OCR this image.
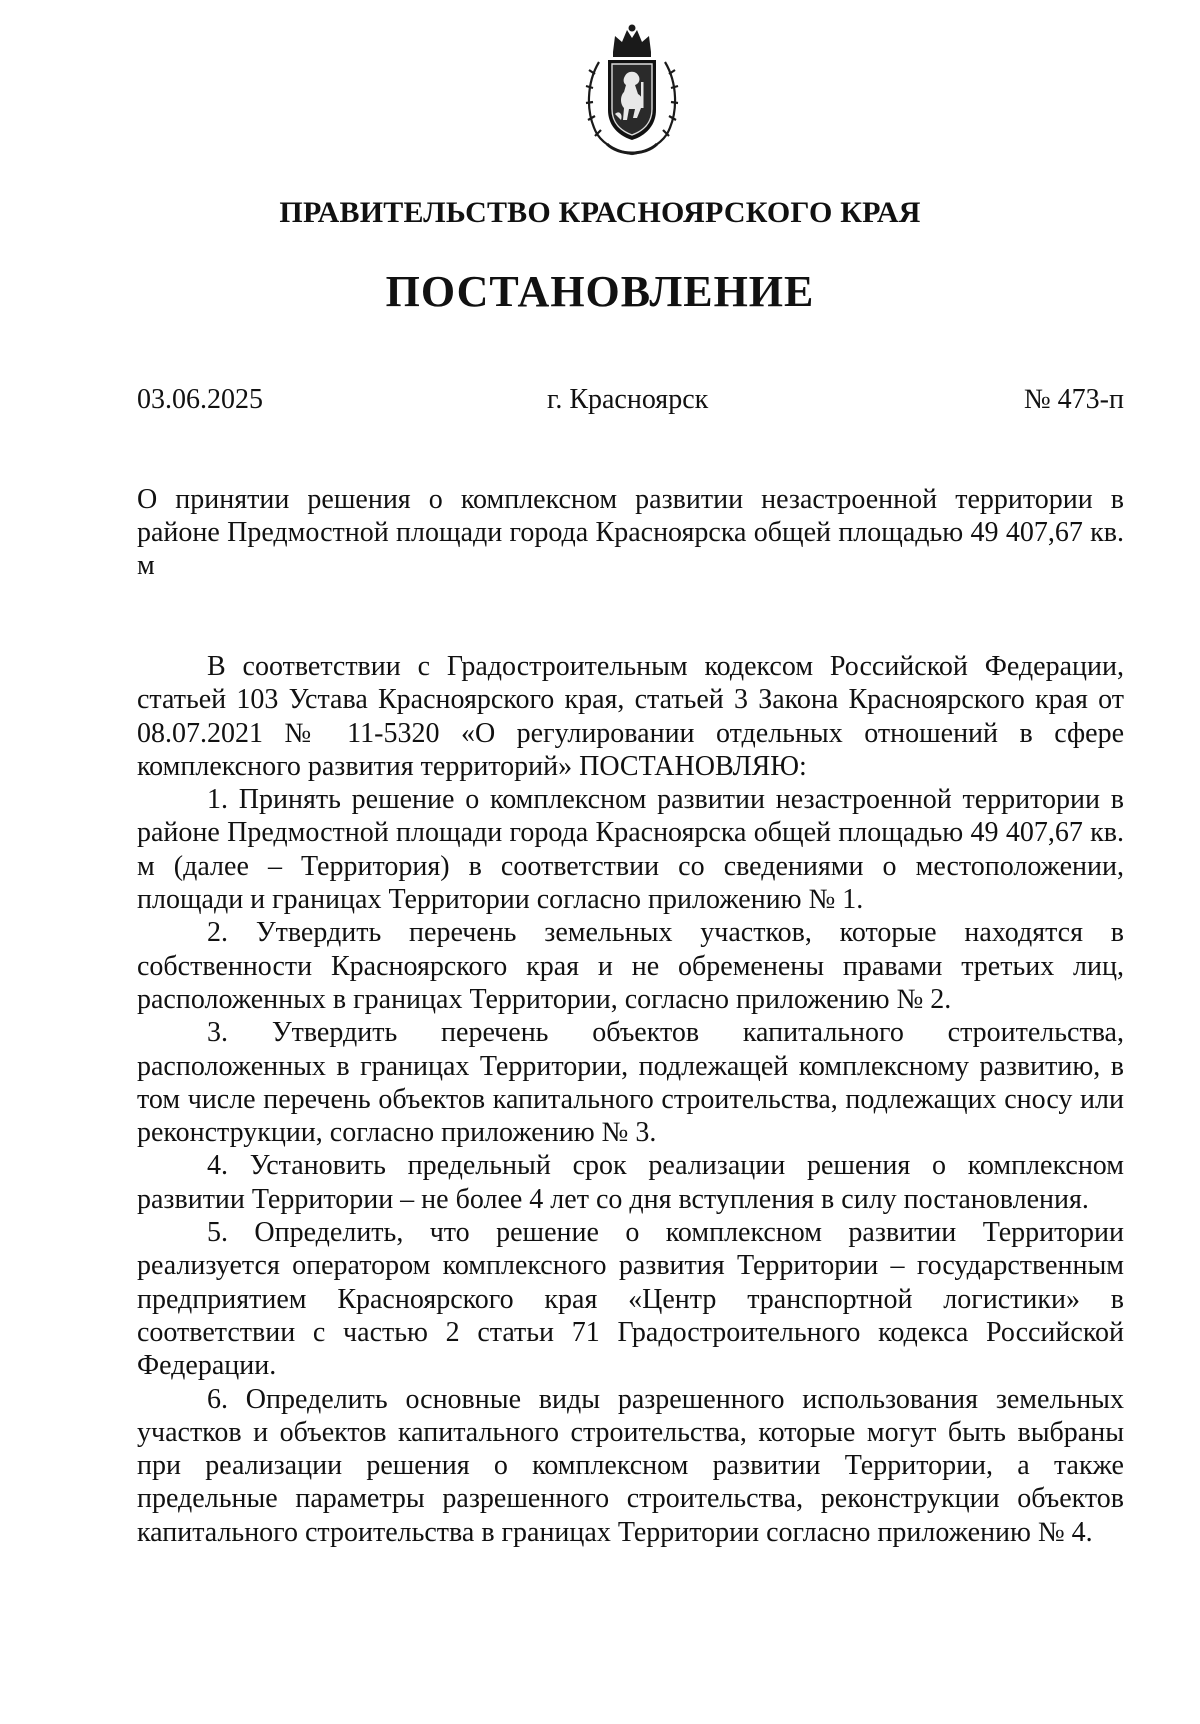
ПРАВИТЕЛЬСТВО КРАСНОЯРСКОГО КРАЯ
ПОСТАНОВЛЕНИЕ
03.06.2025	г. Красноярск	№ 473-п
О принятии решения о комплексном развитии незастроенной территории в районе Предмостной площади города Красноярска общей площадью 49 407,67 кв. м

В соответствии с Градостроительным кодексом Российской Федерации, статьей 103 Устава Красноярского края, статьей 3 Закона Красноярского края от 08.07.2021 № 11-5320 «О регулировании отдельных отношений в сфере комплексного развития территорий» ПОСТАНОВЛЯЮ:

1. Принять решение о комплексном развитии незастроенной территории в районе Предмостной площади города Красноярска общей площадью 49 407,67 кв. м (далее – Территория) в соответствии со сведениями о местоположении, площади и границах Территории согласно приложению № 1.

2. Утвердить перечень земельных участков, которые находятся в собственности Красноярского края и не обременены правами третьих лиц, расположенных в границах Территории, согласно приложению № 2.

3. Утвердить перечень объектов капитального строительства, расположенных в границах Территории, подлежащей комплексному развитию, в том числе перечень объектов капитального строительства, подлежащих сносу или реконструкции, согласно приложению № 3.

4. Установить предельный срок реализации решения о комплексном развитии Территории – не более 4 лет со дня вступления в силу постановления.

5. Определить, что решение о комплексном развитии Территории реализуется оператором комплексного развития Территории – государственным предприятием Красноярского края «Центр транспортной логистики» в соответствии с частью 2 статьи 71 Градостроительного кодекса Российской Федерации.

6. Определить основные виды разрешенного использования земельных участков и объектов капитального строительства, которые могут быть выбраны при реализации решения о комплексном развитии Территории, а также предельные параметры разрешенного строительства, реконструкции объектов капитального строительства в границах Территории согласно приложению № 4.
